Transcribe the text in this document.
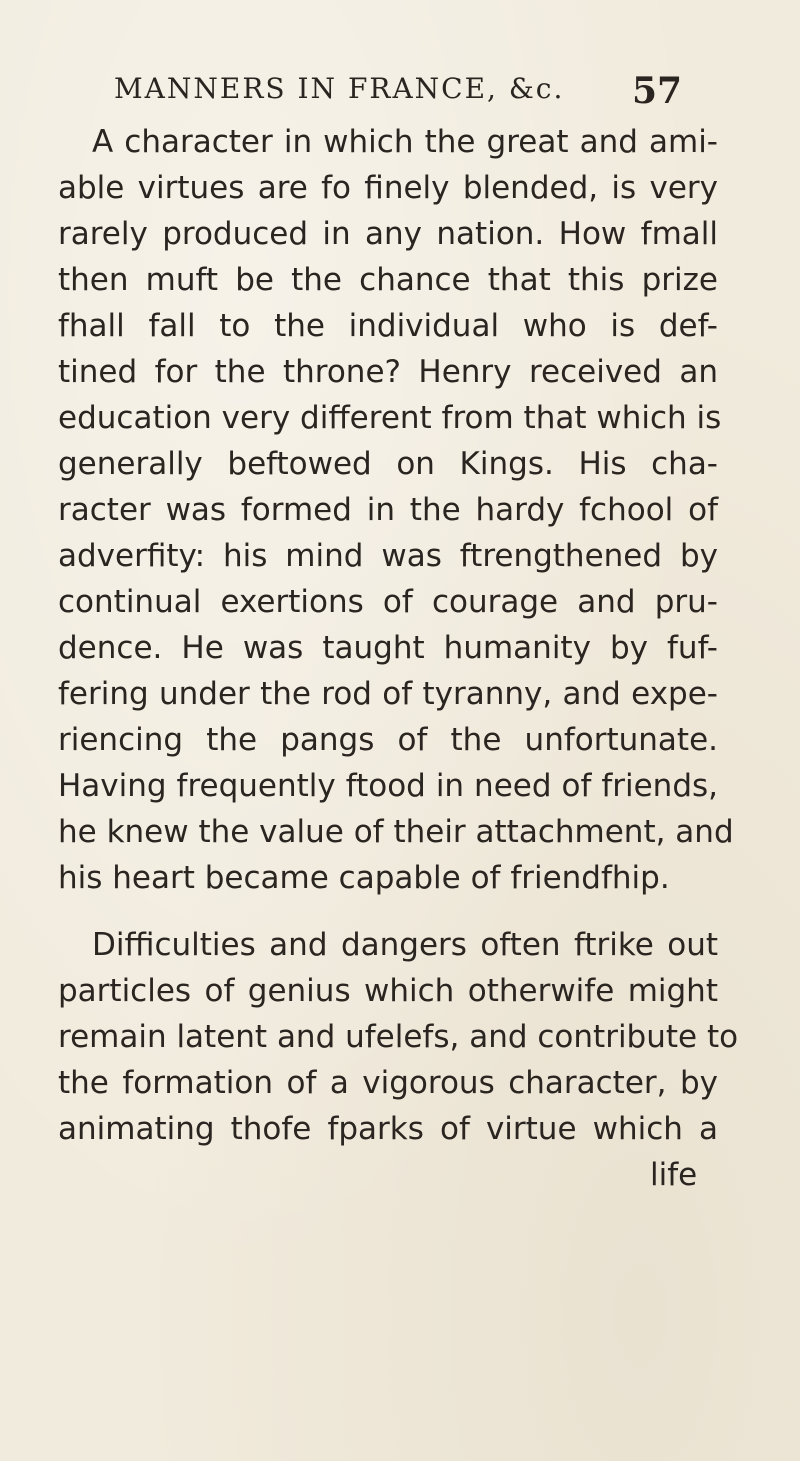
MANNERS IN FRANCE, &c.	57
A character in which the great and ami-
able virtues are fo finely blended, is very
rarely produced in any nation. How fmall
then muft be the chance that this prize
fhall fall to the individual who is def-
tined for the throne? Henry received an
education very different from that which is
generally beftowed on Kings. His cha-
racter was formed in the hardy fchool of
adverfity: his mind was ftrengthened by
continual exertions of courage and pru-
dence. He was taught humanity by fuf-
fering under the rod of tyranny, and expe-
riencing the pangs of the unfortunate.
Having frequently ftood in need of friends,
he knew the value of their attachment, and
his heart became capable of friendfhip.
Difficulties and dangers often ftrike out
particles of genius which otherwife might
remain latent and ufelefs, and contribute to
the formation of a vigorous character, by
animating thofe fparks of virtue which a
life
